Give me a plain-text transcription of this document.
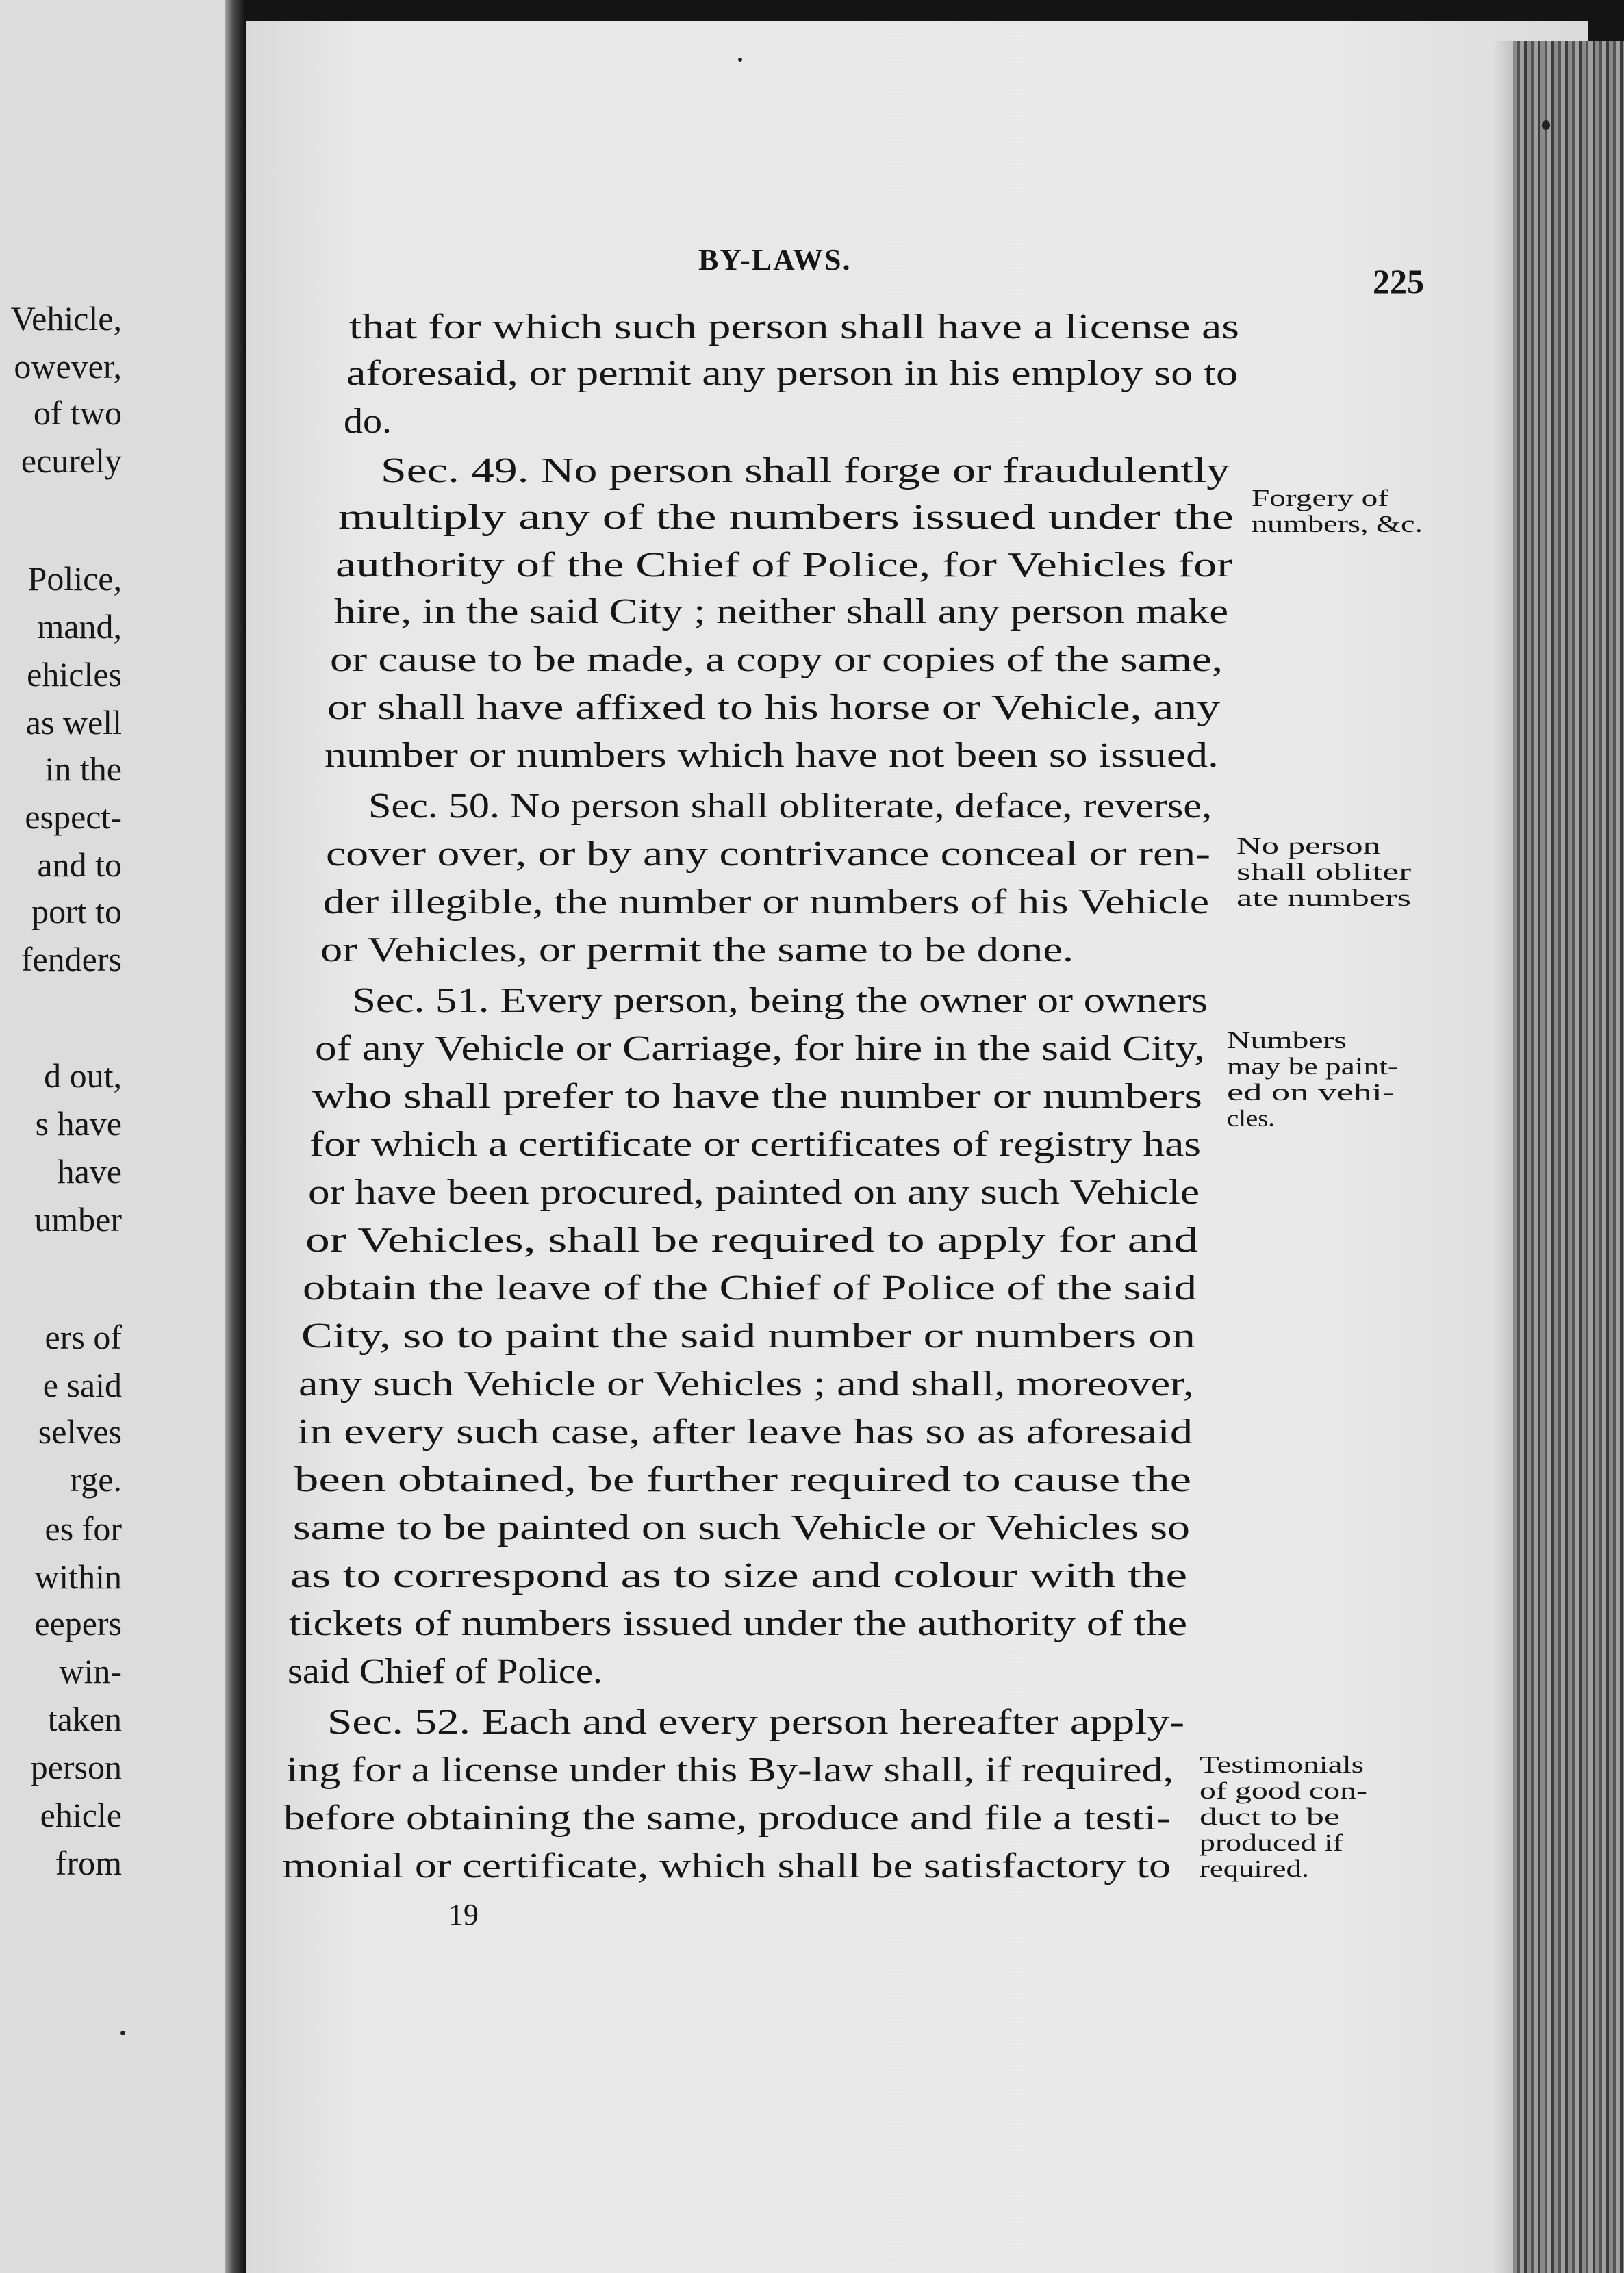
Vehicle,
owever,
of two
ecurely
Police,
mand,
ehicles
as well
in the
espect-
and to
port to
fenders
d out,
s have
have
umber
ers of
e said
selves
rge.
es for
within
eepers
win-
taken
person
ehicle
from
BY-LAWS.
225
that for which such person shall have a license as
aforesaid, or permit any person in his employ so to
do.
Sec. 49. No person shall forge or fraudulently
multiply any of the numbers issued under the
authority of the Chief of Police, for Vehicles for
hire, in the said City ; neither shall any person make
or cause to be made, a copy or copies of the same,
or shall have affixed to his horse or Vehicle, any
number or numbers which have not been so issued.
Sec. 50. No person shall obliterate, deface, reverse,
cover over, or by any contrivance conceal or ren-
der illegible, the number or numbers of his Vehicle
or Vehicles, or permit the same to be done.
Sec. 51. Every person, being the owner or owners
of any Vehicle or Carriage, for hire in the said City,
who shall prefer to have the number or numbers
for which a certificate or certificates of registry has
or have been procured, painted on any such Vehicle
or Vehicles, shall be required to apply for and
obtain the leave of the Chief of Police of the said
City, so to paint the said number or numbers on
any such Vehicle or Vehicles ; and shall, moreover,
in every such case, after leave has so as aforesaid
been obtained, be further required to cause the
same to be painted on such Vehicle or Vehicles so
as to correspond as to size and colour with the
tickets of numbers issued under the authority of the
said Chief of Police.
Sec. 52. Each and every person hereafter apply-
ing for a license under this By-law shall, if required,
before obtaining the same, produce and file a testi-
monial or certificate, which shall be satisfactory to
Forgery of
numbers, &c.
No person
shall obliter
ate numbers
Numbers
may be paint-
ed on vehi-
cles.
Testimonials
of good con-
duct to be
produced if
required.
19
